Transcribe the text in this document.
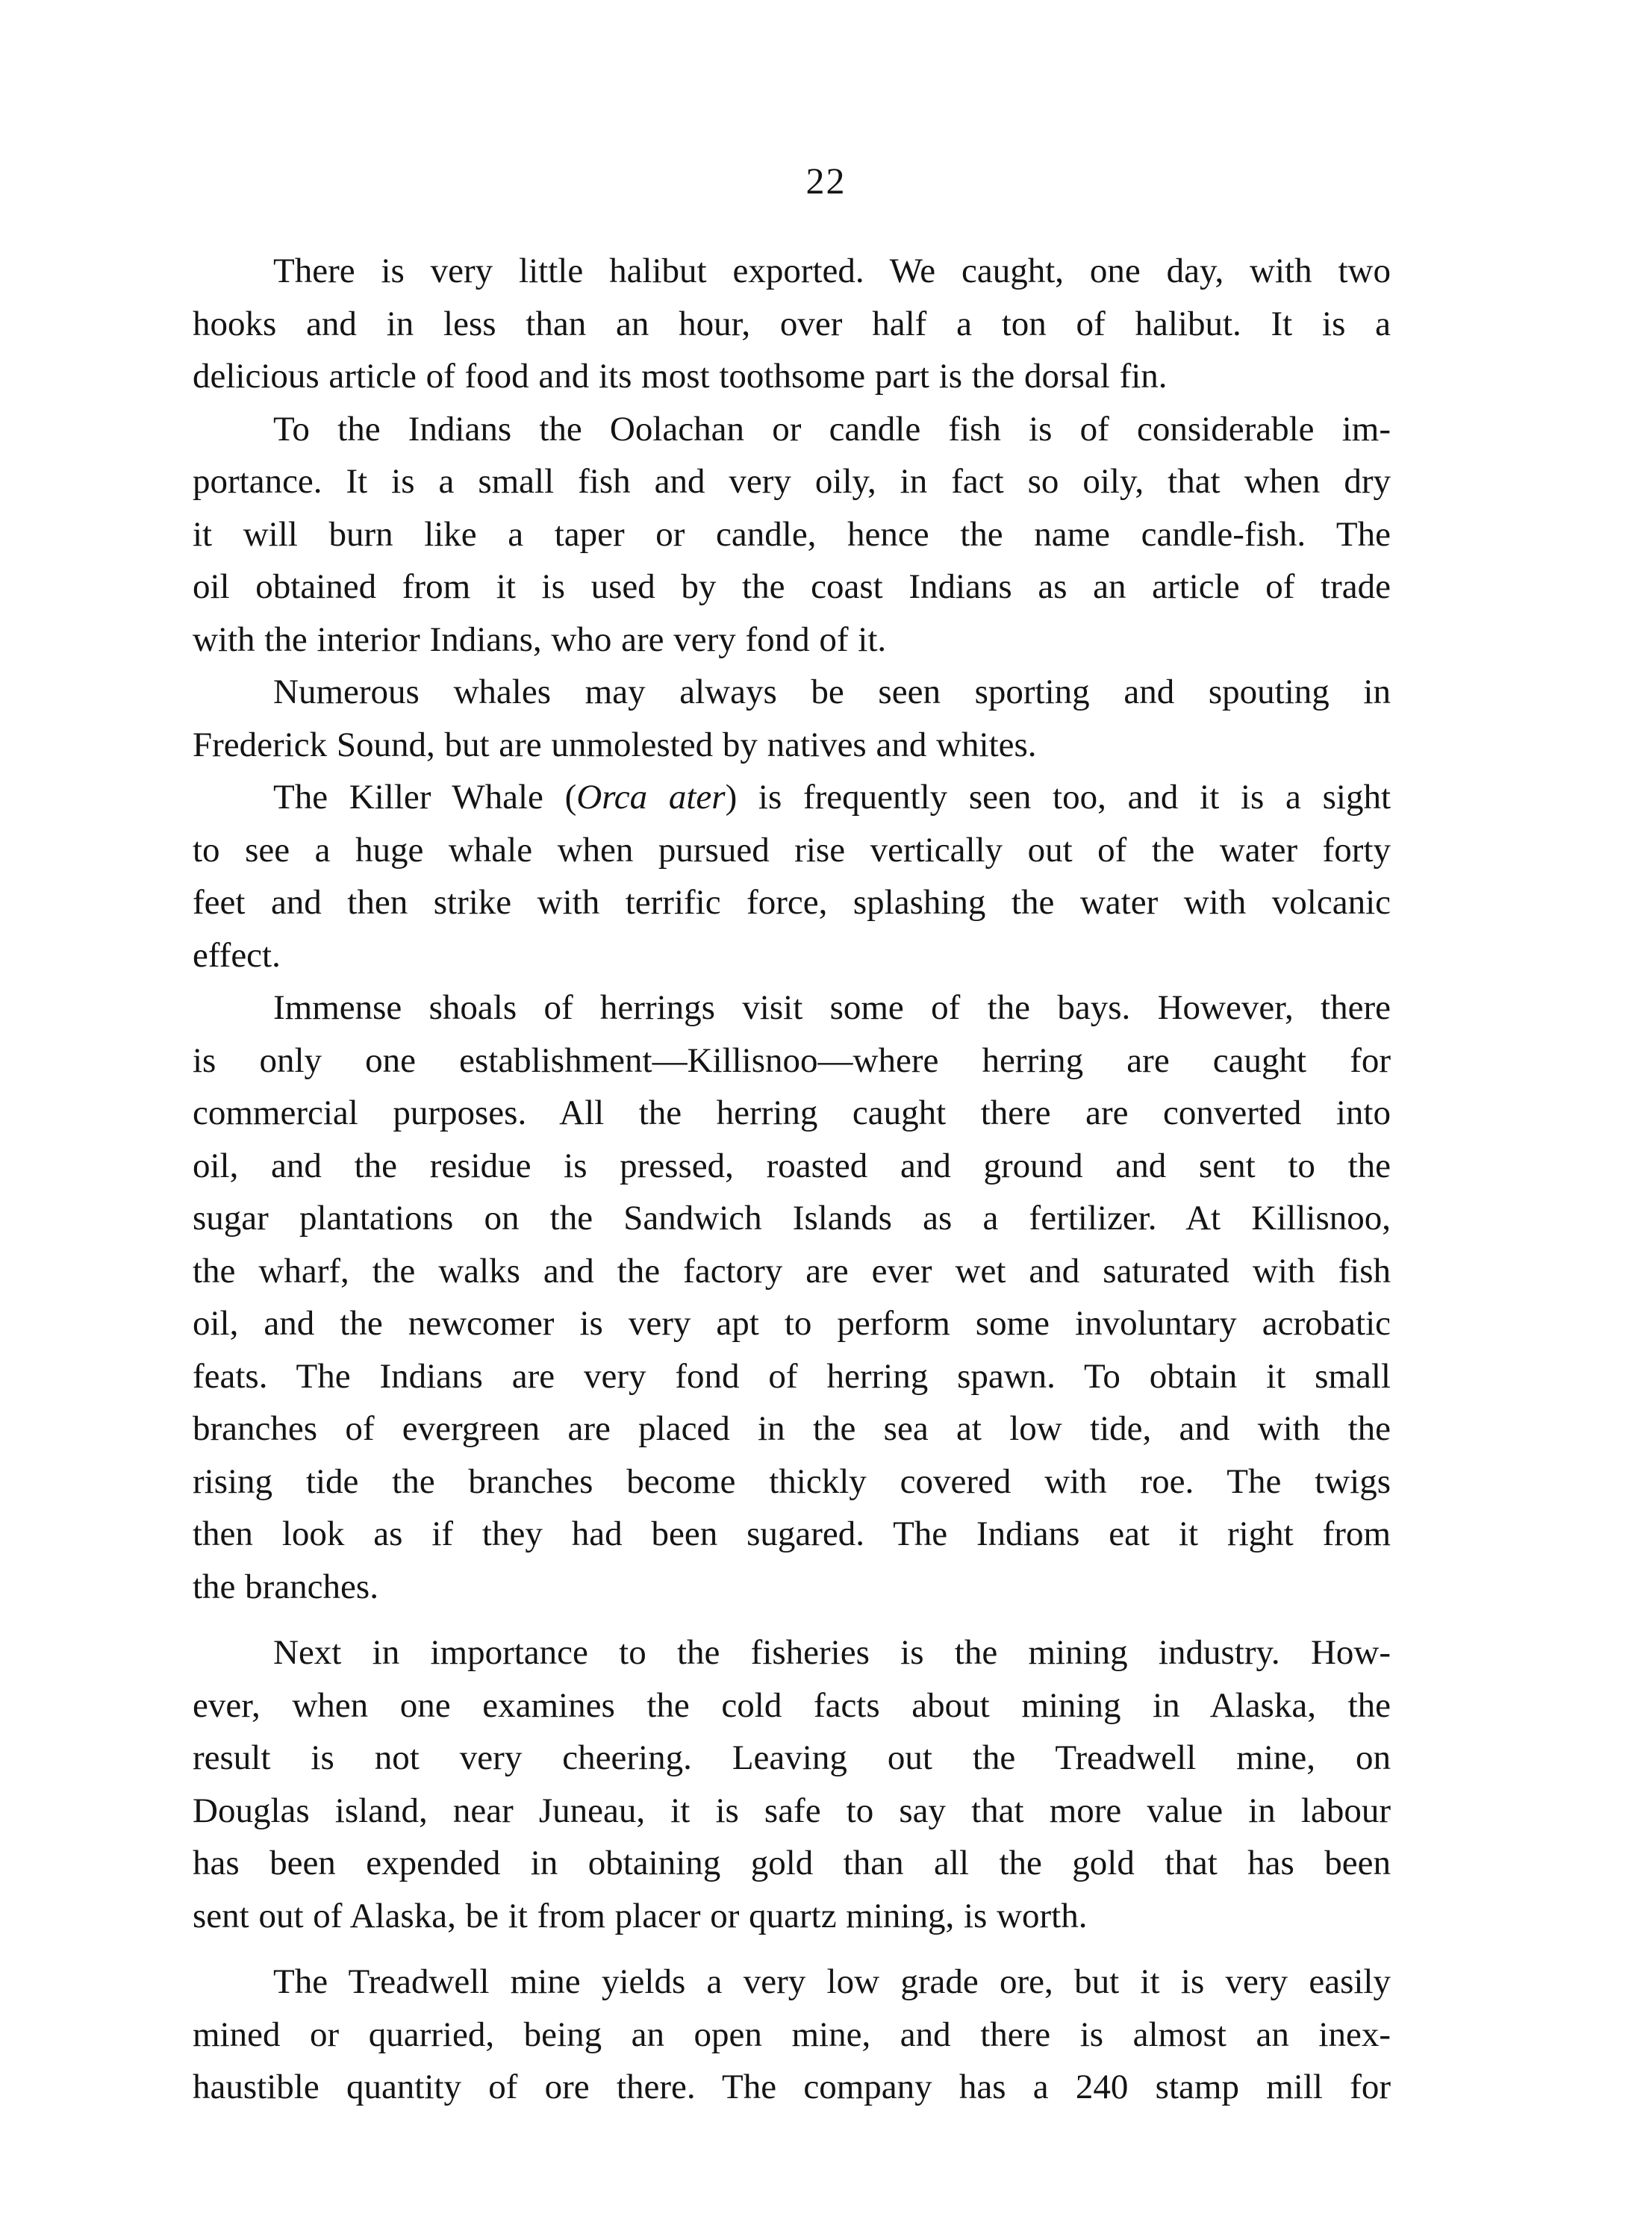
22

There is very little halibut exported. We caught, one day, with two
hooks and in less than an hour, over half a ton of halibut. It is a
delicious article of food and its most toothsome part is the dorsal fin.

To the Indians the Oolachan or candle fish is of considerable im-
portance. It is a small fish and very oily, in fact so oily, that when dry
it will burn like a taper or candle, hence the name candle-fish. The
oil obtained from it is used by the coast Indians as an article of trade
with the interior Indians, who are very fond of it.

Numerous whales may always be seen sporting and spouting in
Frederick Sound, but are unmolested by natives and whites.

The Killer Whale (Orca ater) is frequently seen too, and it is a sight
to see a huge whale when pursued rise vertically out of the water forty
feet and then strike with terrific force, splashing the water with volcanic
effect.

Immense shoals of herrings visit some of the bays. However, there
is only one establishment—Killisnoo—where herring are caught for
commercial purposes. All the herring caught there are converted into
oil, and the residue is pressed, roasted and ground and sent to the
sugar plantations on the Sandwich Islands as a fertilizer. At Killisnoo,
the wharf, the walks and the factory are ever wet and saturated with fish
oil, and the newcomer is very apt to perform some involuntary acrobatic
feats. The Indians are very fond of herring spawn. To obtain it small
branches of evergreen are placed in the sea at low tide, and with the
rising tide the branches become thickly covered with roe. The twigs
then look as if they had been sugared. The Indians eat it right from
the branches.

Next in importance to the fisheries is the mining industry. How-
ever, when one examines the cold facts about mining in Alaska, the
result is not very cheering. Leaving out the Treadwell mine, on
Douglas island, near Juneau, it is safe to say that more value in labour
has been expended in obtaining gold than all the gold that has been
sent out of Alaska, be it from placer or quartz mining, is worth.

The Treadwell mine yields a very low grade ore, but it is very easily
mined or quarried, being an open mine, and there is almost an inex-
haustible quantity of ore there. The company has a 240 stamp mill for
